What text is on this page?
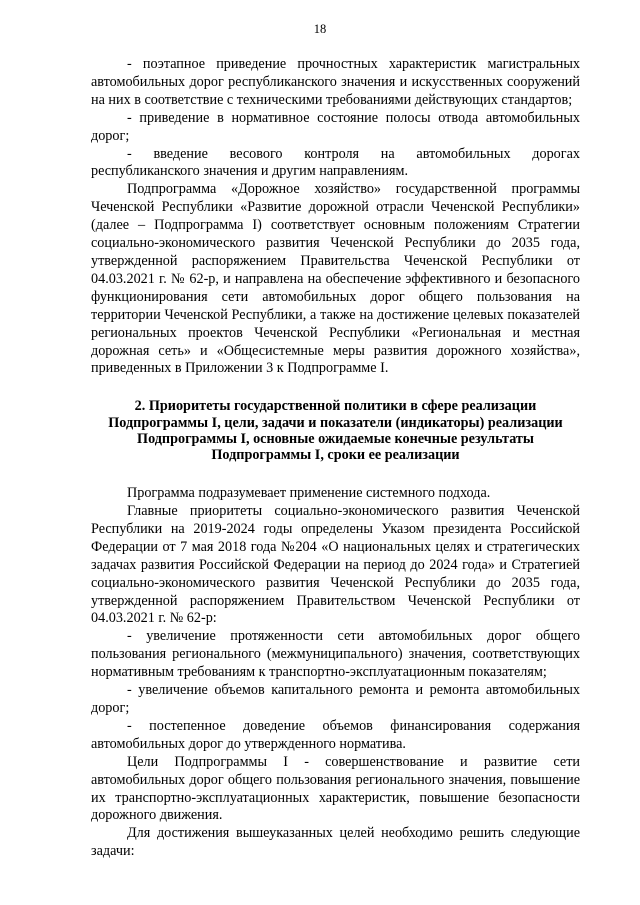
18

- поэтапное приведение прочностных характеристик магистральных автомобильных дорог республиканского значения и искусственных сооружений на них в соответствие с техническими требованиями действующих стандартов;

- приведение в нормативное состояние полосы отвода автомобильных дорог;

- введение весового контроля на автомобильных дорогах республиканского значения и другим направлениям.

Подпрограмма «Дорожное хозяйство» государственной программы Чеченской Республики «Развитие дорожной отрасли Чеченской Республики» (далее – Подпрограмма I) соответствует основным положениям Стратегии социально-экономического развития Чеченской Республики до 2035 года, утвержденной распоряжением Правительства Чеченской Республики от 04.03.2021 г. № 62-р, и направлена на обеспечение эффективного и безопасного функционирования сети автомобильных дорог общего пользования на территории Чеченской Республики, а также на достижение целевых показателей региональных проектов Чеченской Республики «Региональная и местная дорожная сеть» и «Общесистемные меры развития дорожного хозяйства», приведенных в Приложении 3 к Подпрограмме I.

2. Приоритеты государственной политики в сфере реализации
Подпрограммы I, цели, задачи и показатели (индикаторы) реализации
Подпрограммы I, основные ожидаемые конечные результаты
Подпрограммы I, сроки ее реализации

Программа подразумевает применение системного подхода.

Главные приоритеты социально-экономического развития Чеченской Республики на 2019-2024 годы определены Указом президента Российской Федерации от 7 мая 2018 года №204 «О национальных целях и стратегических задачах развития Российской Федерации на период до 2024 года» и Стратегией социально-экономического развития Чеченской Республики до 2035 года, утвержденной распоряжением Правительством Чеченской Республики от 04.03.2021 г. № 62-р:

- увеличение протяженности сети автомобильных дорог общего пользования регионального (межмуниципального) значения, соответствующих нормативным требованиям к транспортно-эксплуатационным показателям;

- увеличение объемов капитального ремонта и ремонта автомобильных дорог;

- постепенное доведение объемов финансирования содержания автомобильных дорог до утвержденного норматива.

Цели Подпрограммы I - совершенствование и развитие сети автомобильных дорог общего пользования регионального значения, повышение их транспортно-эксплуатационных характеристик, повышение безопасности дорожного движения.

Для достижения вышеуказанных целей необходимо решить следующие задачи:
